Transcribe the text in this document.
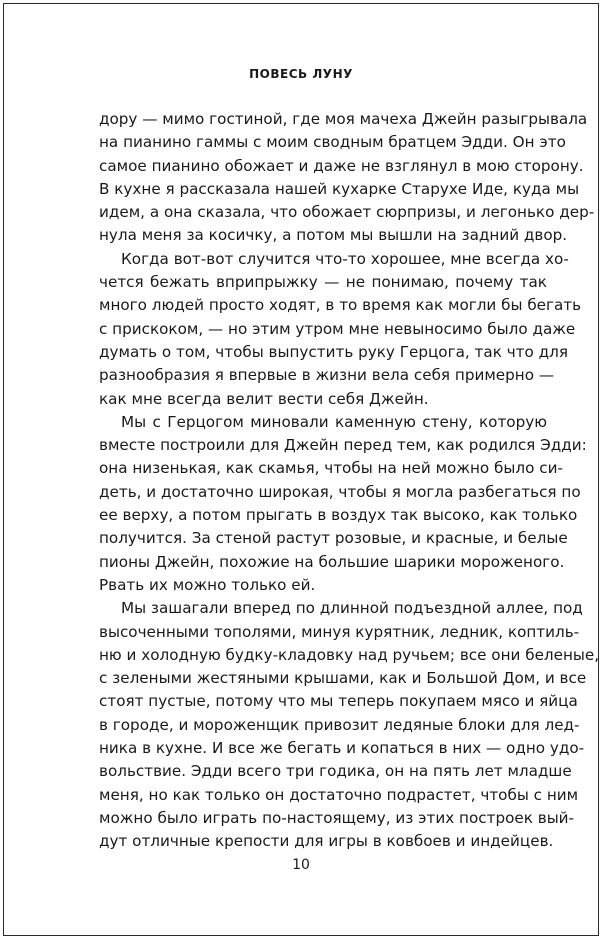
ПОВЕСЬ ЛУНУ
дору — мимо гостиной, где моя мачеха Джейн разыгрывала
на пианино гаммы с моим сводным братцем Эдди. Он это
самое пианино обожает и даже не взглянул в мою сторону.
В кухне я рассказала нашей кухарке Старухе Иде, куда мы
идем, а она сказала, что обожает сюрпризы, и легонько дер-
нула меня за косичку, а потом мы вышли на задний двор.
Когда вот-вот случится что-то хорошее, мне всегда хо-
чется бежать вприпрыжку — не понимаю, почему так
много людей просто ходят, в то время как могли бы бегать
с прискоком, — но этим утром мне невыносимо было даже
думать о том, чтобы выпустить руку Герцога, так что для
разнообразия я впервые в жизни вела себя примерно —
как мне всегда велит вести себя Джейн.
Мы с Герцогом миновали каменную стену, которую
вместе построили для Джейн перед тем, как родился Эдди:
она низенькая, как скамья, чтобы на ней можно было си-
деть, и достаточно широкая, чтобы я могла разбегаться по
ее верху, а потом прыгать в воздух так высоко, как только
получится. За стеной растут розовые, и красные, и белые
пионы Джейн, похожие на большие шарики мороженого.
Рвать их можно только ей.
Мы зашагали вперед по длинной подъездной аллее, под
высоченными тополями, минуя курятник, ледник, коптиль-
ню и холодную будку-кладовку над ручьем; все они беленые,
с зелеными жестяными крышами, как и Большой Дом, и все
стоят пустые, потому что мы теперь покупаем мясо и яйца
в городе, и мороженщик привозит ледяные блоки для лед-
ника в кухне. И все же бегать и копаться в них — одно удо-
вольствие. Эдди всего три годика, он на пять лет младше
меня, но как только он достаточно подрастет, чтобы с ним
можно было играть по-настоящему, из этих построек вый-
дут отличные крепости для игры в ковбоев и индейцев.
10
